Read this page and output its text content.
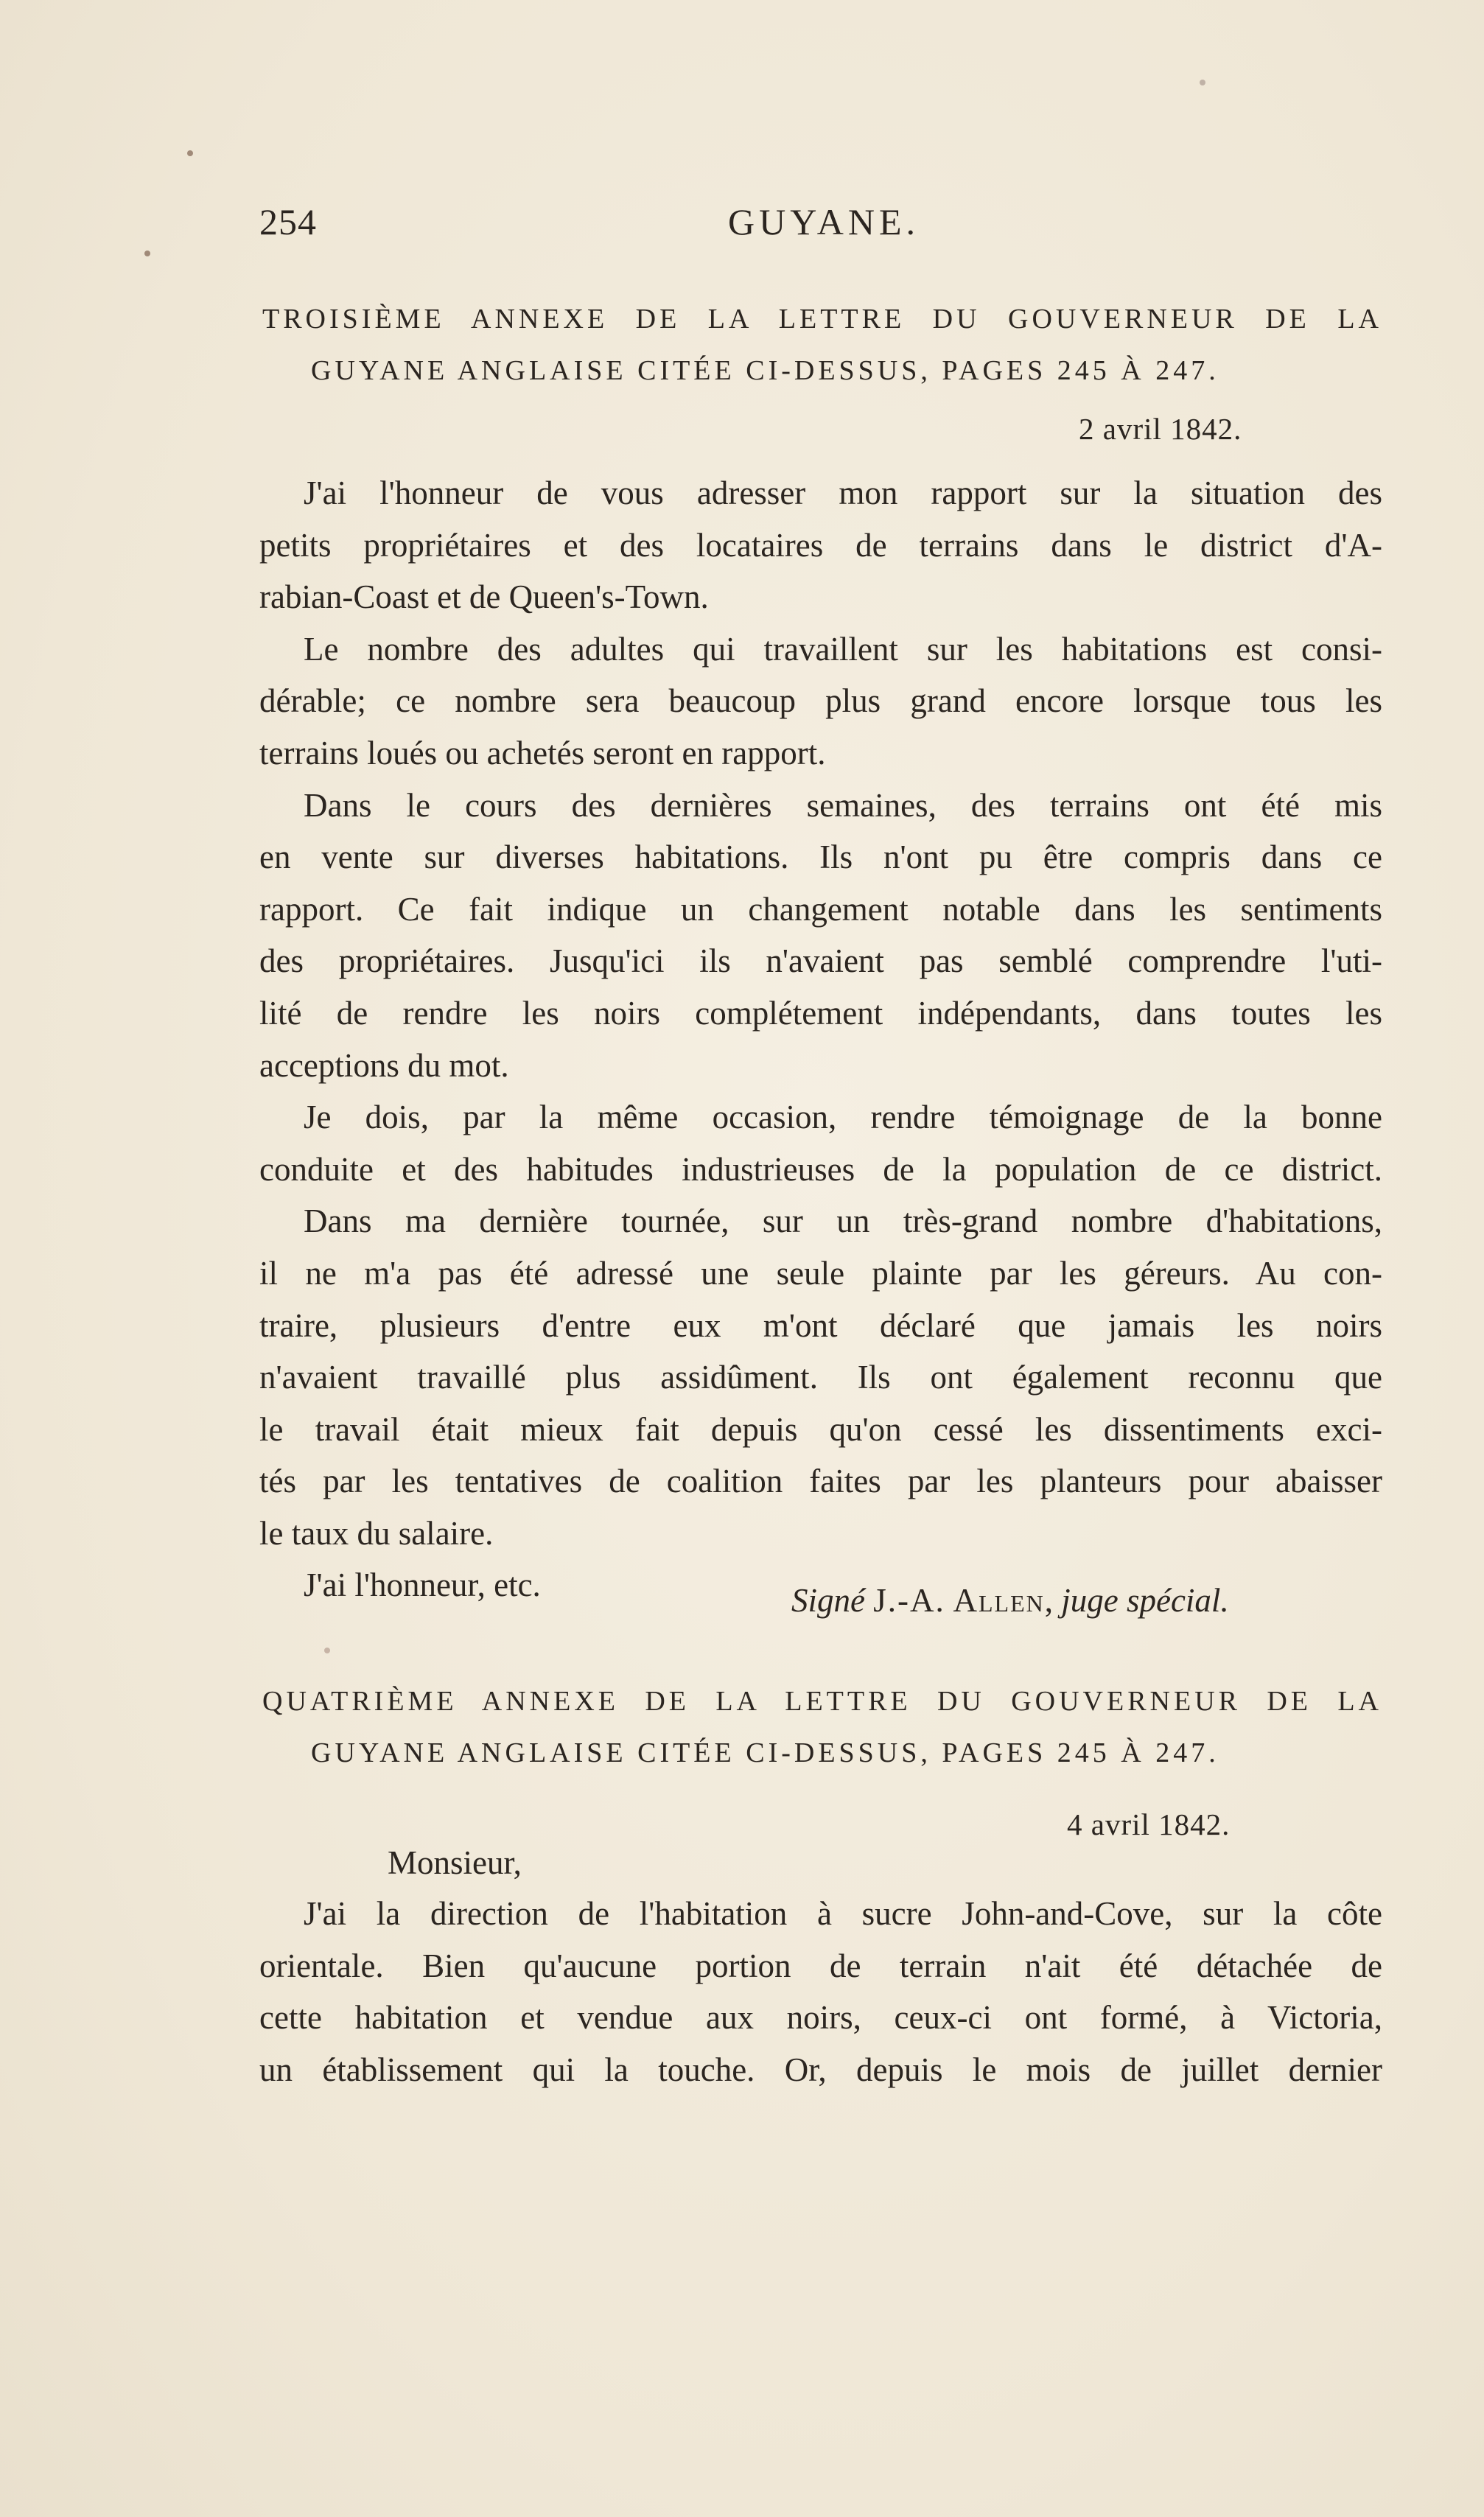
254	GUYANE.
TROISIÈME ANNEXE DE LA LETTRE DU GOUVERNEUR DE LA
GUYANE ANGLAISE CITÉE CI-DESSUS, PAGES 245 À 247.
2 avril 1842.

J'ai l'honneur de vous adresser mon rapport sur la situation des
petits propriétaires et des locataires de terrains dans le district d'A-
rabian-Coast et de Queen's-Town.

Le nombre des adultes qui travaillent sur les habitations est consi-
dérable; ce nombre sera beaucoup plus grand encore lorsque tous les
terrains loués ou achetés seront en rapport.

Dans le cours des dernières semaines, des terrains ont été mis
en vente sur diverses habitations. Ils n'ont pu être compris dans ce
rapport. Ce fait indique un changement notable dans les sentiments
des propriétaires. Jusqu'ici ils n'avaient pas semblé comprendre l'uti-
lité de rendre les noirs complétement indépendants, dans toutes les
acceptions du mot.

Je dois, par la même occasion, rendre témoignage de la bonne
conduite et des habitudes industrieuses de la population de ce district.

Dans ma dernière tournée, sur un très-grand nombre d'habitations,
il ne m'a pas été adressé une seule plainte par les gérеurs. Au con-
traire, plusieurs d'entre eux m'ont déclaré que jamais les noirs
n'avaient travaillé plus assidûment. Ils ont également reconnu que
le travail était mieux fait depuis qu'on cessé les dissentiments exci-
tés par les tentatives de coalition faites par les planteurs pour abaisser
le taux du salaire.

J'ai l'honneur, etc.	Signé J.-A. Allen, juge spécial.
QUATRIÈME ANNEXE DE LA LETTRE DU GOUVERNEUR DE LA
GUYANE ANGLAISE CITÉE CI-DESSUS, PAGES 245 À 247.
4 avril 1842.
Monsieur,

J'ai la direction de l'habitation à sucre John-and-Cove, sur la côte
orientale. Bien qu'aucune portion de terrain n'ait été détachée de
cette habitation et vendue aux noirs, ceux-ci ont formé, à Victoria,
un établissement qui la touche. Or, depuis le mois de juillet dernier
